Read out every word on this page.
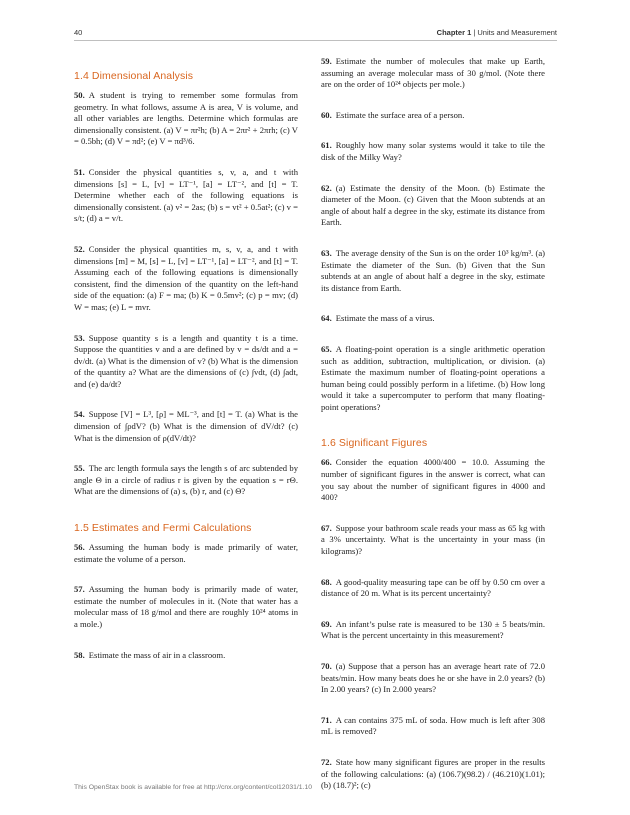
40	Chapter 1 | Units and Measurement
1.4 Dimensional Analysis

50. A student is trying to remember some formulas from geometry. In what follows, assume A is area, V is volume, and all other variables are lengths. Determine which formulas are dimensionally consistent. (a) V = πr²h; (b) A = 2πr² + 2πrh; (c) V = 0.5bh; (d) V = πd²; (e) V = πd³/6.

51. Consider the physical quantities s, v, a, and t with dimensions [s] = L, [v] = LT⁻¹, [a] = LT⁻², and [t] = T. Determine whether each of the following equations is dimensionally consistent. (a) v² = 2as; (b) s = vt² + 0.5at²; (c) v = s/t; (d) a = v/t.

52. Consider the physical quantities m, s, v, a, and t with dimensions [m] = M, [s] = L, [v] = LT⁻¹, [a] = LT⁻², and [t] = T. Assuming each of the following equations is dimensionally consistent, find the dimension of the quantity on the left-hand side of the equation: (a) F = ma; (b) K = 0.5mv²; (c) p = mv; (d) W = mas; (e) L = mvr.

53. Suppose quantity s is a length and quantity t is a time. Suppose the quantities v and a are defined by v = ds/dt and a = dv/dt. (a) What is the dimension of v? (b) What is the dimension of the quantity a? What are the dimensions of (c) ∫vdt, (d) ∫adt, and (e) da/dt?

54. Suppose [V] = L³, [ρ] = ML⁻³, and [t] = T. (a) What is the dimension of ∫ρdV? (b) What is the dimension of dV/dt? (c) What is the dimension of ρ(dV/dt)?

55. The arc length formula says the length s of arc subtended by angle Θ in a circle of radius r is given by the equation s = rΘ. What are the dimensions of (a) s, (b) r, and (c) Θ?

1.5 Estimates and Fermi Calculations

56. Assuming the human body is made primarily of water, estimate the volume of a person.

57. Assuming the human body is primarily made of water, estimate the number of molecules in it. (Note that water has a molecular mass of 18 g/mol and there are roughly 10²⁴ atoms in a mole.)

58. Estimate the mass of air in a classroom.

59. Estimate the number of molecules that make up Earth, assuming an average molecular mass of 30 g/mol. (Note there are on the order of 10²⁴ objects per mole.)

60. Estimate the surface area of a person.

61. Roughly how many solar systems would it take to tile the disk of the Milky Way?

62. (a) Estimate the density of the Moon. (b) Estimate the diameter of the Moon. (c) Given that the Moon subtends at an angle of about half a degree in the sky, estimate its distance from Earth.

63. The average density of the Sun is on the order 10³ kg/m³. (a) Estimate the diameter of the Sun. (b) Given that the Sun subtends at an angle of about half a degree in the sky, estimate its distance from Earth.

64. Estimate the mass of a virus.

65. A floating-point operation is a single arithmetic operation such as addition, subtraction, multiplication, or division. (a) Estimate the maximum number of floating-point operations a human being could possibly perform in a lifetime. (b) How long would it take a supercomputer to perform that many floating-point operations?

1.6 Significant Figures

66. Consider the equation 4000/400 = 10.0. Assuming the number of significant figures in the answer is correct, what can you say about the number of significant figures in 4000 and 400?

67. Suppose your bathroom scale reads your mass as 65 kg with a 3% uncertainty. What is the uncertainty in your mass (in kilograms)?

68. A good-quality measuring tape can be off by 0.50 cm over a distance of 20 m. What is its percent uncertainty?

69. An infant’s pulse rate is measured to be 130 ± 5 beats/min. What is the percent uncertainty in this measurement?

70. (a) Suppose that a person has an average heart rate of 72.0 beats/min. How many beats does he or she have in 2.0 years? (b) In 2.00 years? (c) In 2.000 years?

71. A can contains 375 mL of soda. How much is left after 308 mL is removed?

72. State how many significant figures are proper in the results of the following calculations: (a) (106.7)(98.2) / (46.210)(1.01); (b) (18.7)²; (c)

This OpenStax book is available for free at http://cnx.org/content/col12031/1.10
